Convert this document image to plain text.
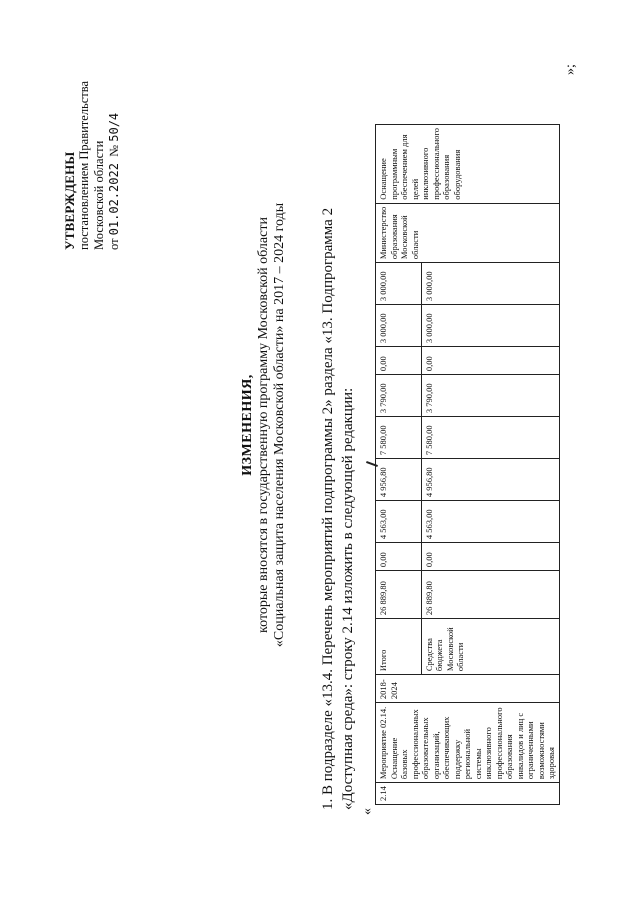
УТВЕРЖДЕНЫ постановлением Правительства Московской области от 01.02.2022  № 50/4
ИЗМЕНЕНИЯ, которые вносятся в государственную программу Московской области «Социальная защита населения Московской области» на 2017 – 2024 годы 1. В подразделе «13.4. Перечень мероприятий подпрограммы 2» раздела «13. Подпрограмма 2 «Доступная среда»: строку 2.14 изложить в следующей редакции:
«
2.14	Мероприятие 02.14. Оснащение базовых профессиональных образовательных организаций, обеспечивающих поддержку региональной системы инклюзивного профессионального образования инвалидов и лиц с ограниченными возможностями здоровья	2018-2024	Итого	26 889,80	0,00	4 563,00	4 956,80	7 580,00	3 790,00	0,00	3 000,00	3 000,00	Министерство образования Московской области	Оснащение программным обеспечением для целей инклюзивного профессионального образования оборудования
			Средства бюджета Московской области	26 889,80	0,00	4 563,00	4 956,80	7 580,00	3 790,00	0,00	3 000,00	3 000,00		
»;
